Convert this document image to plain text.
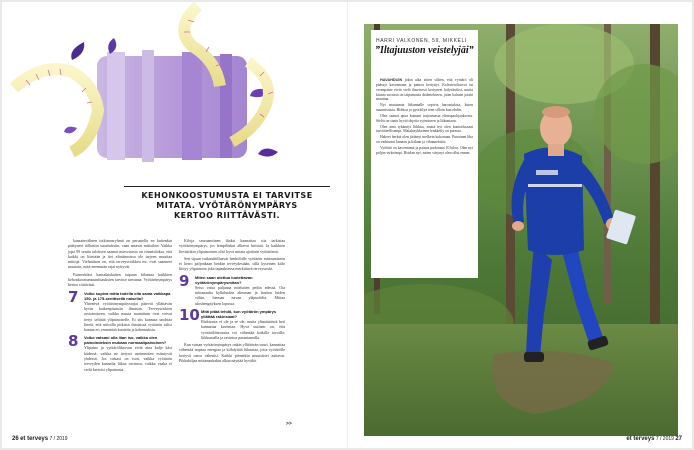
KEHONKOOSTUMUSTA EI TARVITSE
MITATA. VYÖTÄRÖNYMPÄRYS
KERTOO RIITTÄVÄSTI.

kansainvälinen tutkimusryhmä on perustellu en kuitenkin päätyneet tällaisiin suosituksiin, vaan antavat mittoihin. Vaikka jopa 99 sentin tuloksen saamat miesvirasto on rinnetuloksa, että kaikki on liitetään ja tiet eliniämoissa ole tarjeen muuttaa mittoja. Vielmäisen on, että terveysvaikkeu mt. ovat saanneet muutoin, mitä enemmän rajat nyttyvät.

Esimerkiksi kansalaiskaiten taipaan bilansaa kaikkien kehonkoostumusmittauksien tarvitse tarvaana. Vyötärönympärys kertoo riittävästi.

7 Voiko sopiva mitta todella olla sama vaikkapa 150- ja 175-senttisellä naisella?
Yhtenevä vyötärönympärysrajat pätevät yllättävän hyvin kaikenpituisiin ihmisiin. Terveysriskien arvioimiseen, vaikka muuta mainittuin ovat voivat tietyt selittää ylipainoiselle. Ei siis kannata unohtaa lineiä, että mitoilla pitkissä ihmisissä vyötärön tulisi kantaa eri ymmärtää kuoteita ja kokemuksia.
8 Voiko vatsani olla liian iso, vaikka olen painoindeksin mukaan normaalipainoinen?
Ylipaino ja vyötärölihavuus eivät aina kulje käsi kädessä, vaikka ne tietysti useimmiten esiintyvät yhdessä. Jos vatsasi on ison, vaikka vyötärön terveyden kannalta liikaa ravintoa, vaikka vaaka ei vielä kertoisi ylipainosta.

Kiloja seuraamiinen ihaksi kannattaa siis tarkistaa vyötärönympärys, jos lempilärkut alkavat kiristää. Ja kaikkien lievästikin ylipainoisten olisi hyvä mitata ajoittain vyötärönsä.

Sen sijaan vaikuuttiilluavat henkilöille vyötärön mittaamiseen ei kerro paljonkaan heidän terveydestään, sillä kyseinen kiilo liittyy ylipainoon joka tapauksessa merkittävä terveysriski.

9 Miten saan otettua luotettavan vyötärönympärysmitan?
Seiso vatsa paljaana mieluiten peilin edessä. Ota mittanauha kylkiluiden alimman ja lantion luiden väliin, hieman navan yläpuolelta. Mittaa uloshengityksen lopussa.
10 Mitä pitää tehdä, kun vyötärön ympärys yllättää rakinsiaat?
Ehdotonta ei ole ja se ole, mutta ylimääräistä heti kannattaa kaventaa. Hyvä uutinen on, että vyötärölihavuutta voi vähentää kaikilla tavoilla: liikkumalla ja ravintoa parantamalla.

Kun vatsan vyötärönympärys onkin yllättävän suuri, kannattaa vähentää nopeaa energiaa ja kiihdyttää liikuntaa, jotta vyötärölle kertyvä rasva vähenisi. Kaikki pienetkin muutokset auttavat. Pikkuhiljaa mittanauhakin alkaa näyttää hyvältä.

>>
26 et terveys 7 / 2019
HARRI VALKONEN, 59, MIKKELI
”Iltajuuston veistelyjäi”

HAVAHDUIN jokin aika sitten siihen, että vyötärö oli päässyt kasvamaan ja painoa kertynyt. Kolesteroliarvot tai verenpaine eivät vielä ilmeisesti kertyneet hälyttäviksi, mutta kiusaa suvussa on taipumusta diabetekseen, joten halusin jotain muuttaa.

Nyt muutamia liikunnalle sopivia harrastuksia, kuten suunnistusta. Hiihtoa ja pyöräilyä teen silloin kun ehdin.

Olen saanut apua kuntani tarjoamasta elintapaohjauksesta. Sieltä on saatu hyviä ohjeita syömiseen ja liikuntaan.

Olen aina tykännyt liikkua, mutta nyt olen kuntoilussani tavoitteellisempi. Matalasykkeinen lenkkeily on parasta.

Hakeet herkut olen jättänyt melkein kokonaan. Punainen liha on vaihtunut kanaan ja kalaan ja vihanneksiin.

Vyötärö on kaventunut ja painoa pudonnut 10 kiloa. Olen nyt paljon virkeämpi. Hoidan nyt, miten väsynyt olen ollut ennen.

et terveys 7 / 2019 27
